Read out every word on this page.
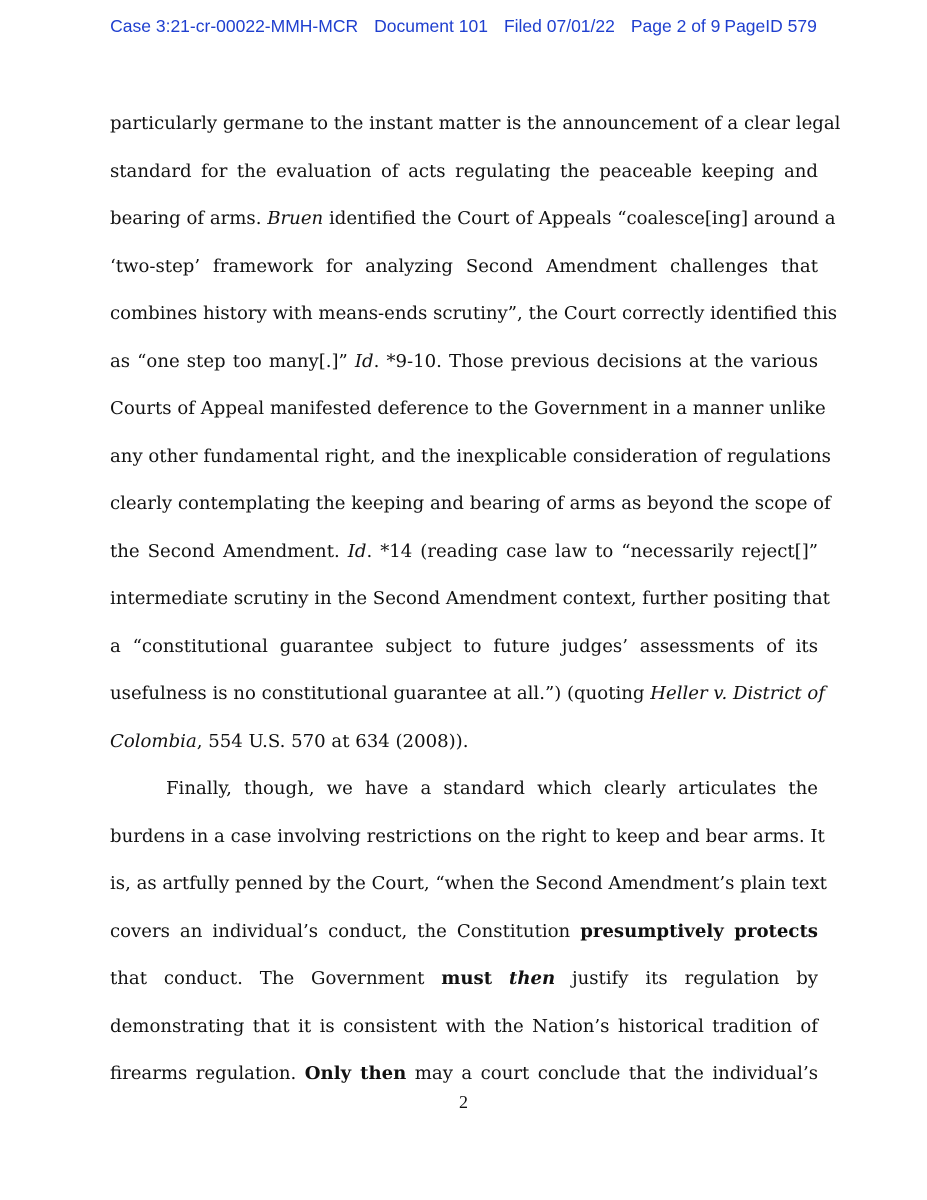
Case 3:21-cr-00022-MMH-MCR Document 101 Filed 07/01/22 Page 2 of 9 PageID 579
particularly germane to the instant matter is the announcement of a clear legal
standard for the evaluation of acts regulating the peaceable keeping and
bearing of arms. Bruen identified the Court of Appeals “coalesce[ing] around a
‘two-step’ framework for analyzing Second Amendment challenges that
combines history with means-ends scrutiny”, the Court correctly identified this
as “one step too many[.]” Id. *9-10. Those previous decisions at the various
Courts of Appeal manifested deference to the Government in a manner unlike
any other fundamental right, and the inexplicable consideration of regulations
clearly contemplating the keeping and bearing of arms as beyond the scope of
the Second Amendment. Id. *14 (reading case law to “necessarily reject[]”
intermediate scrutiny in the Second Amendment context, further positing that
a “constitutional guarantee subject to future judges’ assessments of its
usefulness is no constitutional guarantee at all.”) (quoting Heller v. District of
Colombia, 554 U.S. 570 at 634 (2008)).
Finally, though, we have a standard which clearly articulates the
burdens in a case involving restrictions on the right to keep and bear arms. It
is, as artfully penned by the Court, “when the Second Amendment’s plain text
covers an individual’s conduct, the Constitution presumptively protects
that conduct. The Government must then justify its regulation by
demonstrating that it is consistent with the Nation’s historical tradition of
firearms regulation. Only then may a court conclude that the individual’s
2
